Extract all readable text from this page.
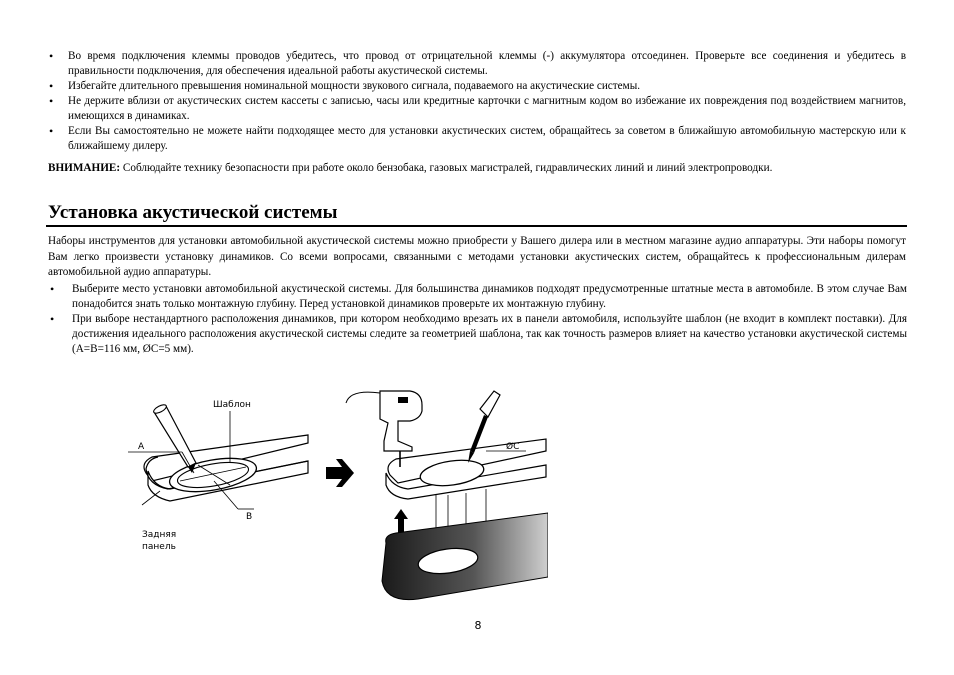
• Во время подключения клеммы проводов убедитесь, что провод от отрицательной клеммы (-) аккумулятора отсоединен. Проверьте все соединения и убедитесь в правильности подключения, для обеспечения идеальной работы акустической системы.
• Избегайте длительного превышения номинальной мощности звукового сигнала, подаваемого на акустические системы.
• Не держите вблизи от акустических систем кассеты с записью, часы или кредитные карточки с магнитным кодом во избежание их повреждения под воздействием магнитов, имеющихся в динамиках.
• Если Вы самостоятельно не можете найти подходящее место для установки акустических систем, обращайтесь за советом в ближайшую автомобильную мастерскую или к ближайшему дилеру.

ВНИМАНИЕ: Соблюдайте технику безопасности при работе около бензобака, газовых магистралей, гидравлических линий и линий электропроводки.

Установка акустической системы

Наборы инструментов для установки автомобильной акустической системы можно приобрести у Вашего дилера или в местном магазине аудио аппаратуры. Эти наборы помогут Вам легко произвести установку динамиков. Со всеми вопросами, связанными с методами установки акустических систем, обращайтесь к профессиональным дилерам автомобильной аудио аппаратуры.

• Выберите место установки автомобильной акустической системы. Для большинства динамиков подходят предусмотренные штатные места в автомобиле. В этом случае Вам понадобится знать только монтажную глубину. Перед установкой динамиков проверьте их монтажную глубину.
• При выборе нестандартного расположения динамиков, при котором необходимо врезать их в панели автомобиля, используйте шаблон (не входит в комплект поставки). Для достижения идеального расположения акустической системы следите за геометрией шаблона, так как точность размеров влияет на качество установки акустической системы (A=B=116 мм, ØC=5 мм).
Шаблон
A
B
Задняя
панель
ØC
8
